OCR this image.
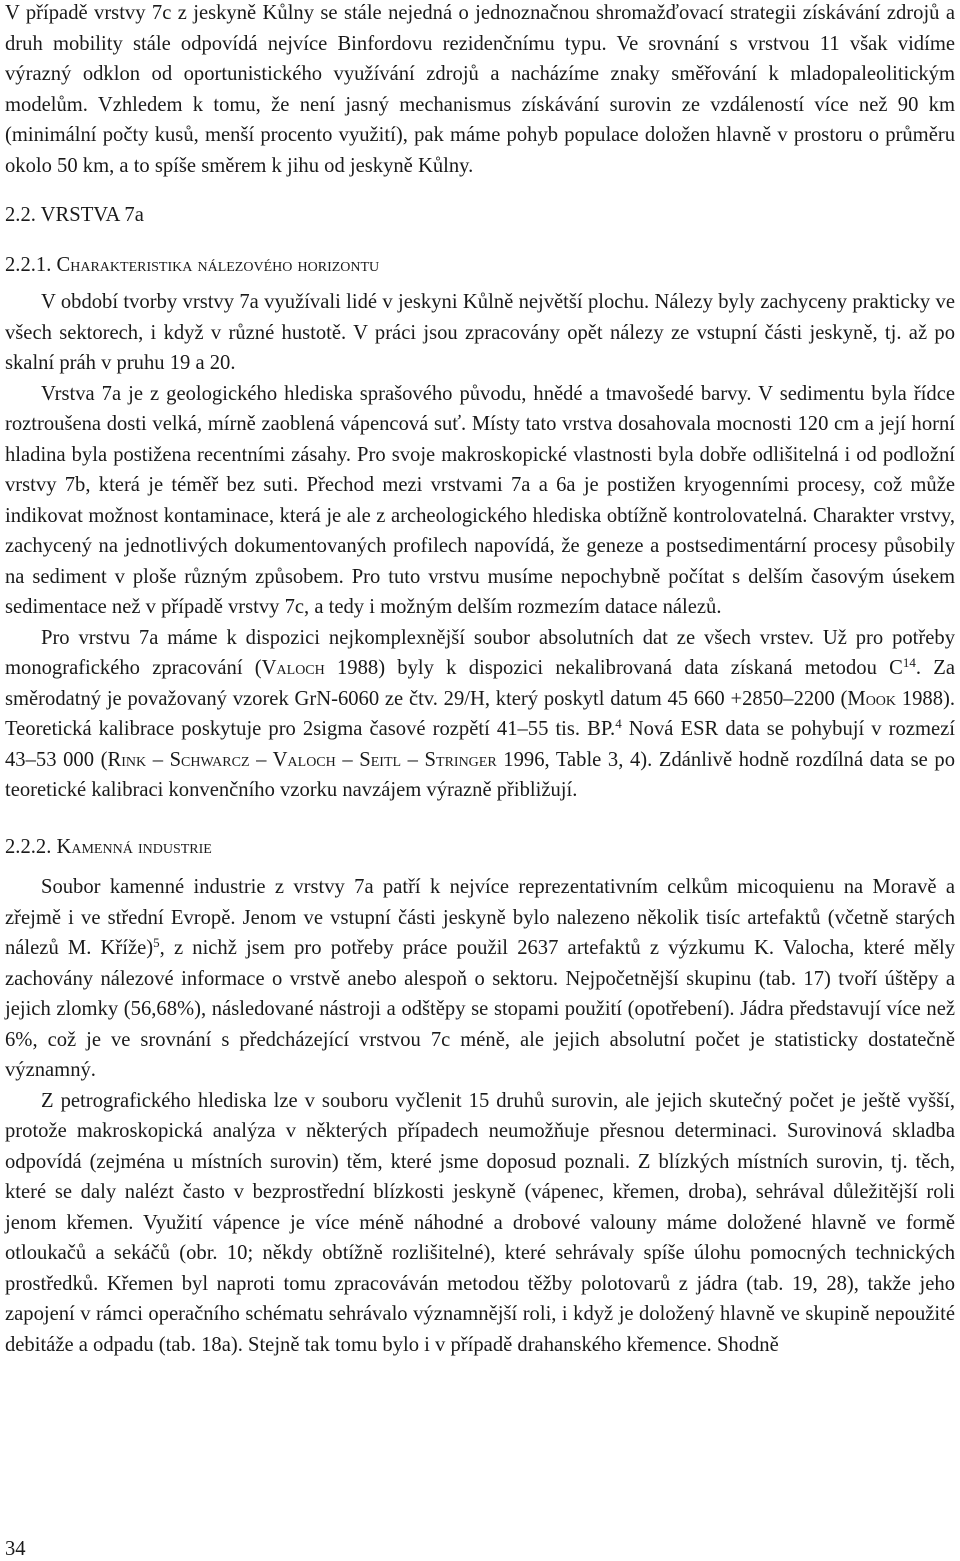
V případě vrstvy 7c z jeskyně Kůlny se stále nejedná o jednoznačnou shromažďovací strategii získávání zdrojů a druh mobility stále odpovídá nejvíce Binfordovu rezidenčnímu typu. Ve srovnání s vrstvou 11 však vidíme výrazný odklon od oportunistického využívání zdrojů a nacházíme znaky směřování k mladopaleolitickým modelům. Vzhledem k tomu, že není jasný mechanismus získávání surovin ze vzdáleností více než 90 km (minimální počty kusů, menší procento využití), pak máme pohyb populace doložen hlavně v prostoru o průměru okolo 50 km, a to spíše směrem k jihu od jeskyně Kůlny.

2.2. VRSTVA 7a
2.2.1. Charakteristika nálezového horizontu

V období tvorby vrstvy 7a využívali lidé v jeskyni Kůlně největší plochu. Nálezy byly zachyceny prakticky ve všech sektorech, i když v různé hustotě. V práci jsou zpracovány opět nálezy ze vstupní části jeskyně, tj. až po skalní práh v pruhu 19 a 20.

Vrstva 7a je z geologického hlediska sprašového původu, hnědé a tmavošedé barvy. V sedimentu byla řídce roztroušena dosti velká, mírně zaoblená vápencová suť. Místy tato vrstva dosahovala mocnosti 120 cm a její horní hladina byla postižena recentními zásahy. Pro svoje makroskopické vlastnosti byla dobře odlišitelná i od podložní vrstvy 7b, která je téměř bez suti. Přechod mezi vrstvami 7a a 6a je postižen kryogenními procesy, což může indikovat možnost kontaminace, která je ale z archeologického hlediska obtížně kontrolovatelná. Charakter vrstvy, zachycený na jednotlivých dokumentovaných profilech napovídá, že geneze a postsedimentární procesy působily na sediment v ploše různým způsobem. Pro tuto vrstvu musíme nepochybně počítat s delším časovým úsekem sedimentace než v případě vrstvy 7c, a tedy i možným delším rozmezím datace nálezů.

Pro vrstvu 7a máme k dispozici nejkomplexnější soubor absolutních dat ze všech vrstev. Už pro potřeby monografického zpracování (Valoch 1988) byly k dispozici nekalibrovaná data získaná metodou $C^{14}$. Za směrodatný je považovaný vzorek GrN-6060 ze čtv. 29/H, který poskytl datum 45 660 +2850–2200 (Mook 1988). Teoretická kalibrace poskytuje pro 2sigma časové rozpětí 41–55 tis. BP.$^4$ Nová ESR data se pohybují v rozmezí 43–53 000 (Rink – Schwarcz – Valoch – Seitl – Stringer 1996, Table 3, 4). Zdánlivě hodně rozdílná data se po teoretické kalibraci konvenčního vzorku navzájem výrazně přibližují.

2.2.2. Kamenná industrie

Soubor kamenné industrie z vrstvy 7a patří k nejvíce reprezentativním celkům micoquienu na Moravě a zřejmě i ve střední Evropě. Jenom ve vstupní části jeskyně bylo nalezeno několik tisíc artefaktů (včetně starých nálezů M. Kříže)$^5$, z nichž jsem pro potřeby práce použil 2637 artefaktů z výzkumu K. Valocha, které měly zachovány nálezové informace o vrstvě anebo alespoň o sektoru. Nejpočetnější skupinu (tab. 17) tvoří úštěpy a jejich zlomky (56,68%), následované nástroji a odštěpy se stopami použití (opotřebení). Jádra představují více než 6%, což je ve srovnání s předcházející vrstvou 7c méně, ale jejich absolutní počet je statisticky dostatečně významný.

Z petrografického hlediska lze v souboru vyčlenit 15 druhů surovin, ale jejich skutečný počet je ještě vyšší, protože makroskopická analýza v některých případech neumožňuje přesnou determinaci. Surovinová skladba odpovídá (zejména u místních surovin) těm, které jsme doposud poznali. Z blízkých místních surovin, tj. těch, které se daly nalézt často v bezprostřední blízkosti jeskyně (vápenec, křemen, droba), sehrával důležitější roli jenom křemen. Využití vápence je více méně náhodné a drobové valouny máme doložené hlavně ve formě otloukačů a sekáčů (obr. 10; někdy obtížně rozlišitelné), které sehrávaly spíše úlohu pomocných technických prostředků. Křemen byl naproti tomu zpracováván metodou těžby polotovarů z jádra (tab. 19, 28), takže jeho zapojení v rámci operačního schématu sehrávalo významnější roli, i když je doložený hlavně ve skupině nepoužité debitáže a odpadu (tab. 18a). Stejně tak tomu bylo i v případě drahanského křemence. Shodně

34
